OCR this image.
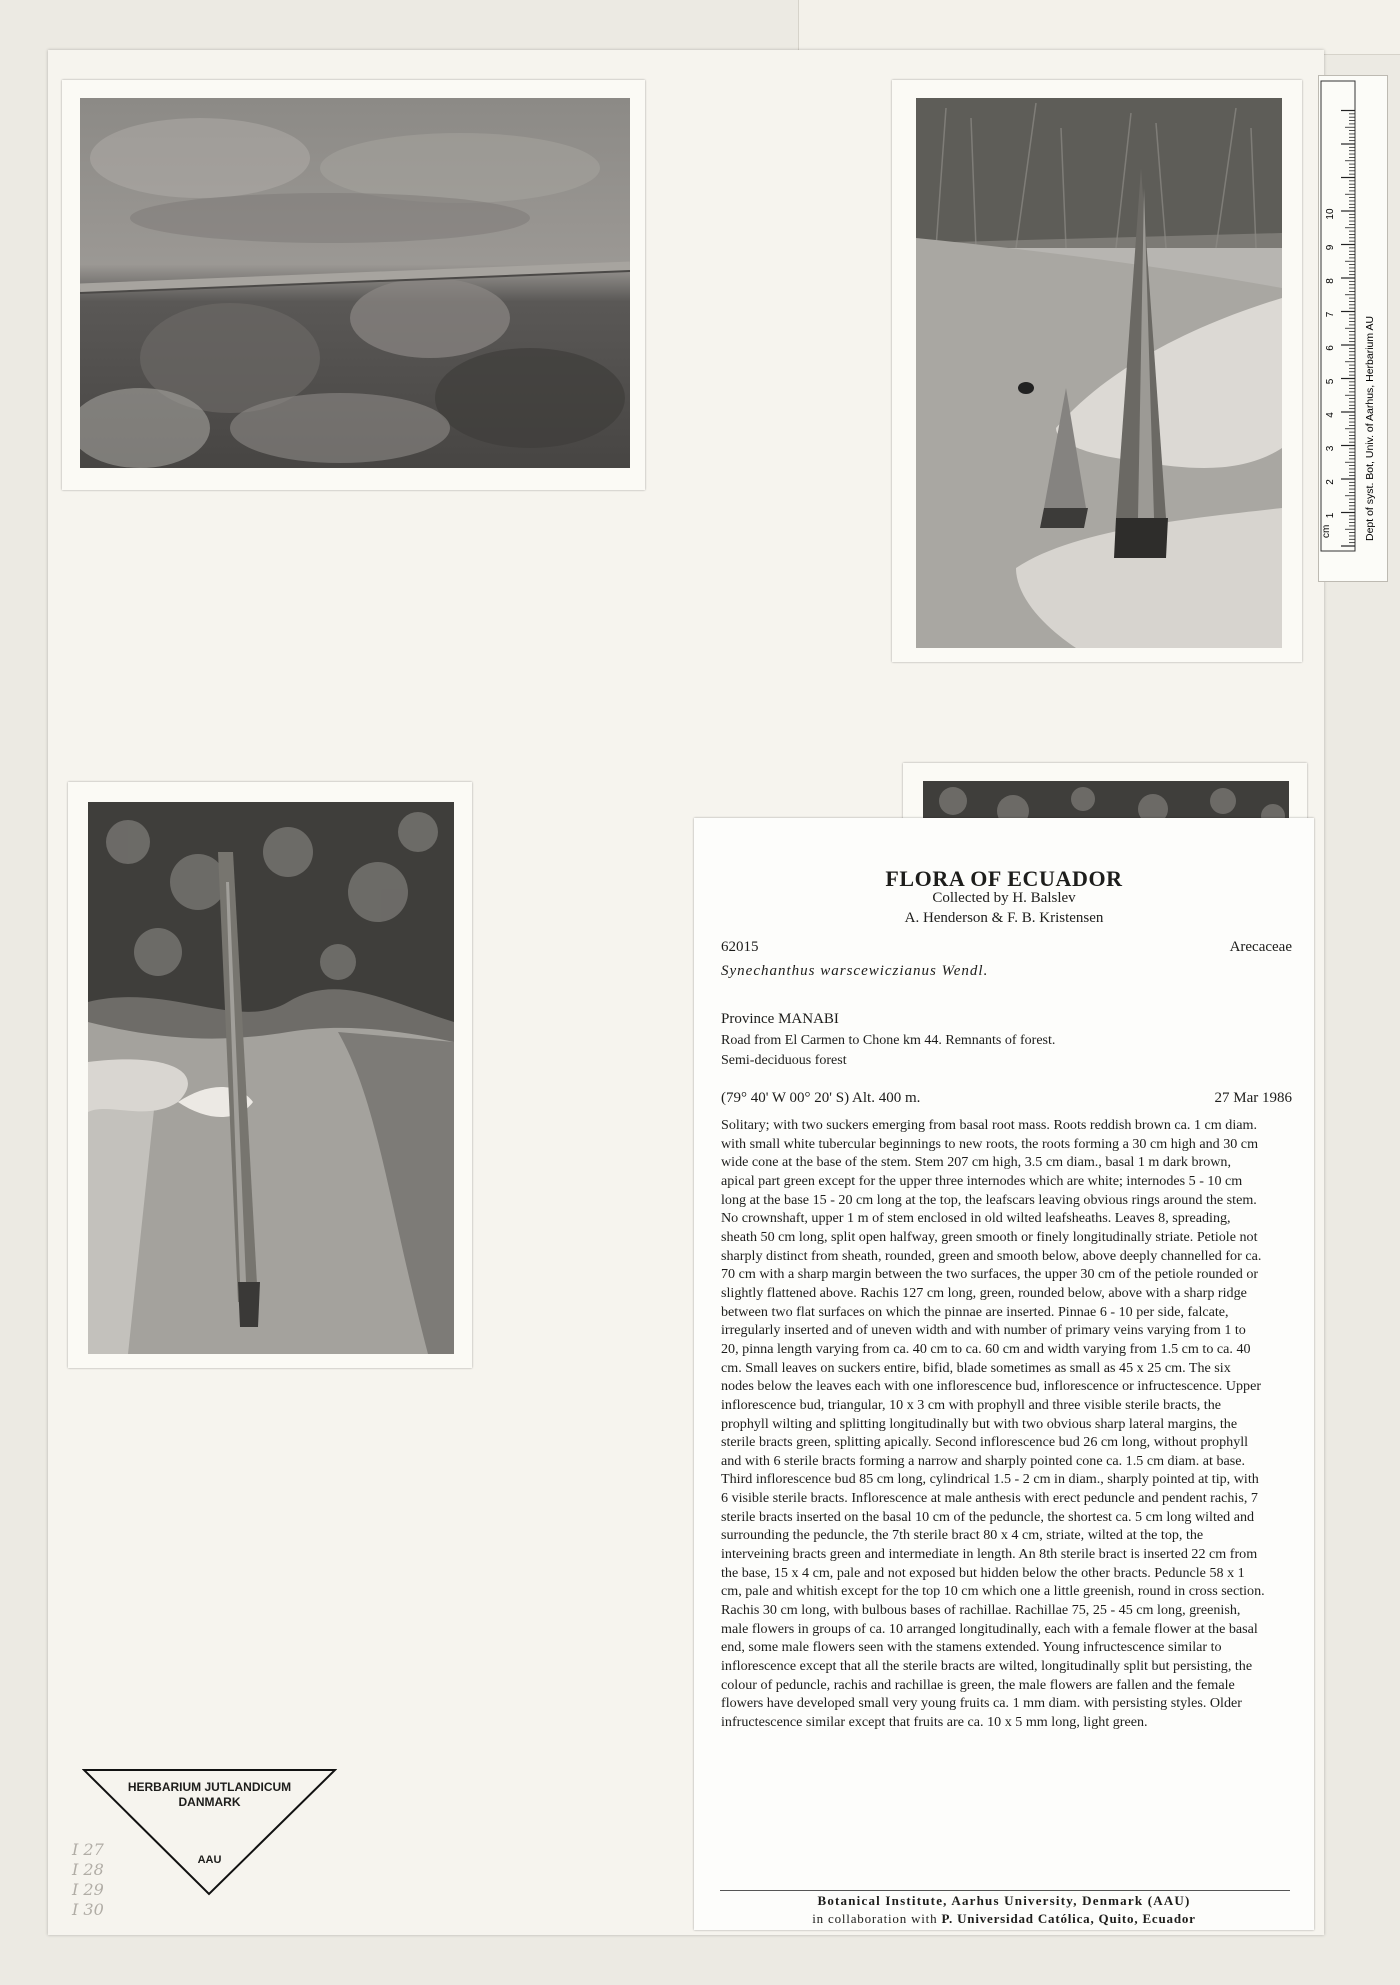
cm
1
2
3
4
5
6
7
8
9
10
Dept of syst. Bot, Univ. of Aarhus, Herbarium AU
FLORA OF ECUADOR
Collected by H. Balslev
A. Henderson & F. B. Kristensen
62015	Arecaceae
Synechanthus warscewiczianus Wendl.
Province MANABI
Road from El Carmen to Chone km 44. Remnants of forest.
Semi-deciduous forest
(79° 40' W 00° 20' S) Alt. 400 m.	27 Mar 1986
Solitary; with two suckers emerging from basal root mass. Roots reddish brown ca. 1 cm diam. with small white tubercular beginnings to new roots, the roots forming a 30 cm high and 30 cm wide cone at the base of the stem. Stem 207 cm high, 3.5 cm diam., basal 1 m dark brown, apical part green except for the upper three internodes which are white; internodes 5 - 10 cm long at the base 15 - 20 cm long at the top, the leafscars leaving obvious rings around the stem. No crownshaft, upper 1 m of stem enclosed in old wilted leafsheaths. Leaves 8, spreading, sheath 50 cm long, split open halfway, green smooth or finely longitudinally striate. Petiole not sharply distinct from sheath, rounded, green and smooth below, above deeply channelled for ca. 70 cm with a sharp margin between the two surfaces, the upper 30 cm of the petiole rounded or slightly flattened above. Rachis 127 cm long, green, rounded below, above with a sharp ridge between two flat surfaces on which the pinnae are inserted. Pinnae 6 - 10 per side, falcate, irregularly inserted and of uneven width and with number of primary veins varying from 1 to 20, pinna length varying from ca. 40 cm to ca. 60 cm and width varying from 1.5 cm to ca. 40 cm. Small leaves on suckers entire, bifid, blade sometimes as small as 45 x 25 cm. The six nodes below the leaves each with one inflorescence bud, inflorescence or infructescence. Upper inflorescence bud, triangular, 10 x 3 cm with prophyll and three visible sterile bracts, the prophyll wilting and splitting longitudinally but with two obvious sharp lateral margins, the sterile bracts green, splitting apically. Second inflorescence bud 26 cm long, without prophyll and with 6 sterile bracts forming a narrow and sharply pointed cone ca. 1.5 cm diam. at base. Third inflorescence bud 85 cm long, cylindrical 1.5 - 2 cm in diam., sharply pointed at tip, with 6 visible sterile bracts. Inflorescence at male anthesis with erect peduncle and pendent rachis, 7 sterile bracts inserted on the basal 10 cm of the peduncle, the shortest ca. 5 cm long wilted and surrounding the peduncle, the 7th sterile bract 80 x 4 cm, striate, wilted at the top, the interveining bracts green and intermediate in length. An 8th sterile bract is inserted 22 cm from the base, 15 x 4 cm, pale and not exposed but hidden below the other bracts. Peduncle 58 x 1 cm, pale and whitish except for the top 10 cm which one a little greenish, round in cross section. Rachis 30 cm long, with bulbous bases of rachillae. Rachillae 75, 25 - 45 cm long, greenish, male flowers in groups of ca. 10 arranged longitudinally, each with a female flower at the basal end, some male flowers seen with the stamens extended. Young infructescence similar to inflorescence except that all the sterile bracts are wilted, longitudinally split but persisting, the colour of peduncle, rachis and rachillae is green, the male flowers are fallen and the female flowers have developed small very young fruits ca. 1 mm diam. with persisting styles. Older infructescence similar except that fruits are ca. 10 x 5 mm long, light green.
Botanical Institute, Aarhus University, Denmark (AAU)
in collaboration with P. Universidad Católica, Quito, Ecuador
HERBARIUM JUTLANDICUM
DANMARK
AAU
I 27
I 28
I 29
I 30
